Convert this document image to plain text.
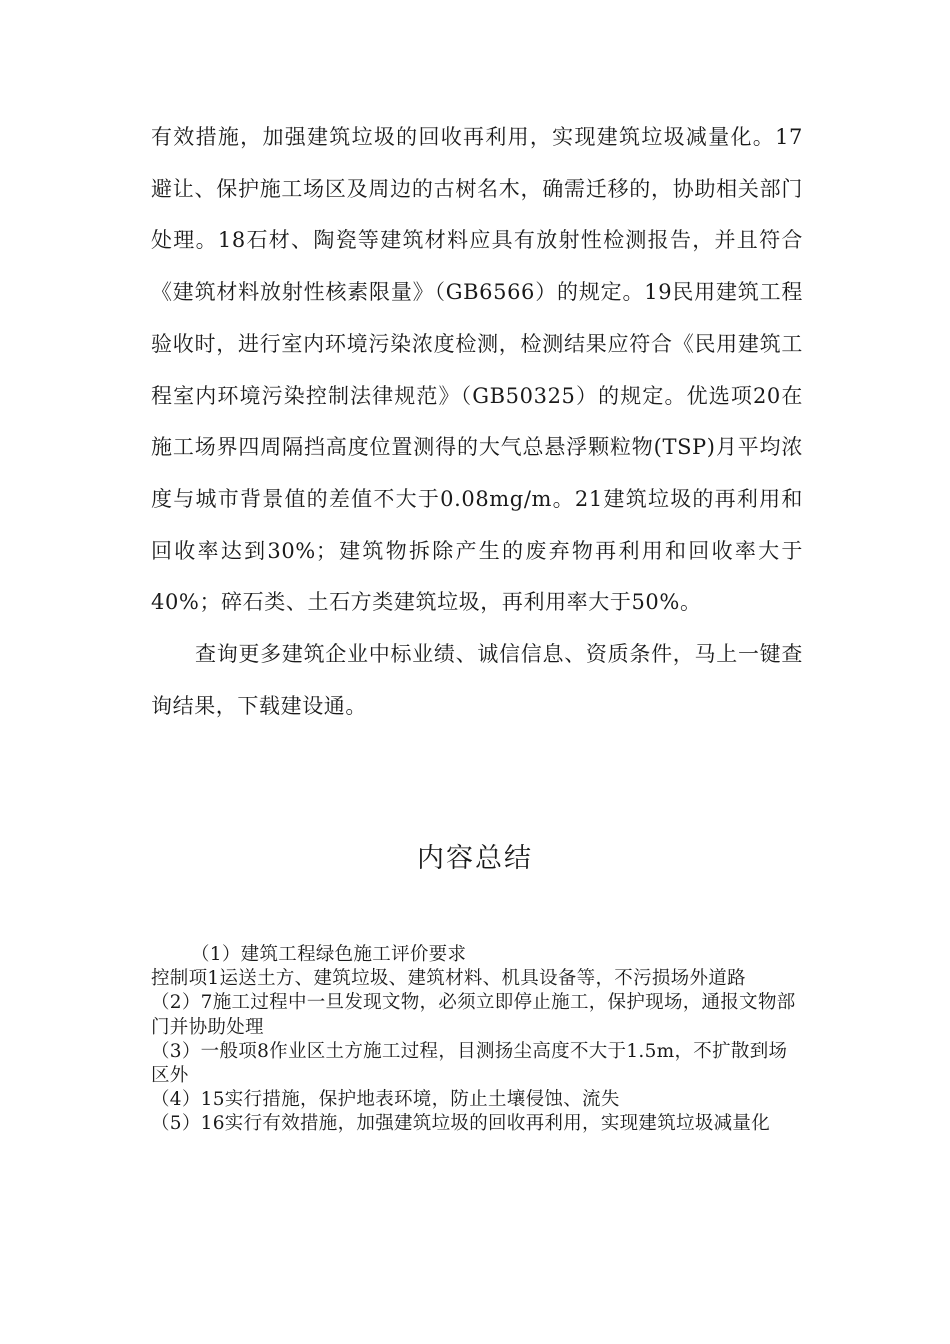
有效措施，加强建筑垃圾的回收再利用，实现建筑垃圾减量化。17避让、保护施工场区及周边的古树名木，确需迁移的，协助相关部门处理。18石材、陶瓷等建筑材料应具有放射性检测报告，并且符合《建筑材料放射性核素限量》（GB6566）的规定。19民用建筑工程验收时，进行室内环境污染浓度检测，检测结果应符合《民用建筑工程室内环境污染控制法律规范》（GB50325）的规定。优选项20在施工场界四周隔挡高度位置测得的大气总悬浮颗粒物(TSP)月平均浓度与城市背景值的差值不大于0.08mg/m。21建筑垃圾的再利用和回收率达到30%；建筑物拆除产生的废弃物再利用和回收率大于40%；碎石类、土石方类建筑垃圾，再利用率大于50%。

查询更多建筑企业中标业绩、诚信信息、资质条件，马上一键查询结果，下载建设通。

内容总结

（1）建筑工程绿色施工评价要求

控制项1运送土方、建筑垃圾、建筑材料、机具设备等，不污损场外道路

（2）7施工过程中一旦发现文物，必须立即停止施工，保护现场，通报文物部门并协助处理

（3）一般项8作业区土方施工过程，目测扬尘高度不大于1.5m，不扩散到场区外

（4）15实行措施，保护地表环境，防止土壤侵蚀、流失

（5）16实行有效措施，加强建筑垃圾的回收再利用，实现建筑垃圾减量化
